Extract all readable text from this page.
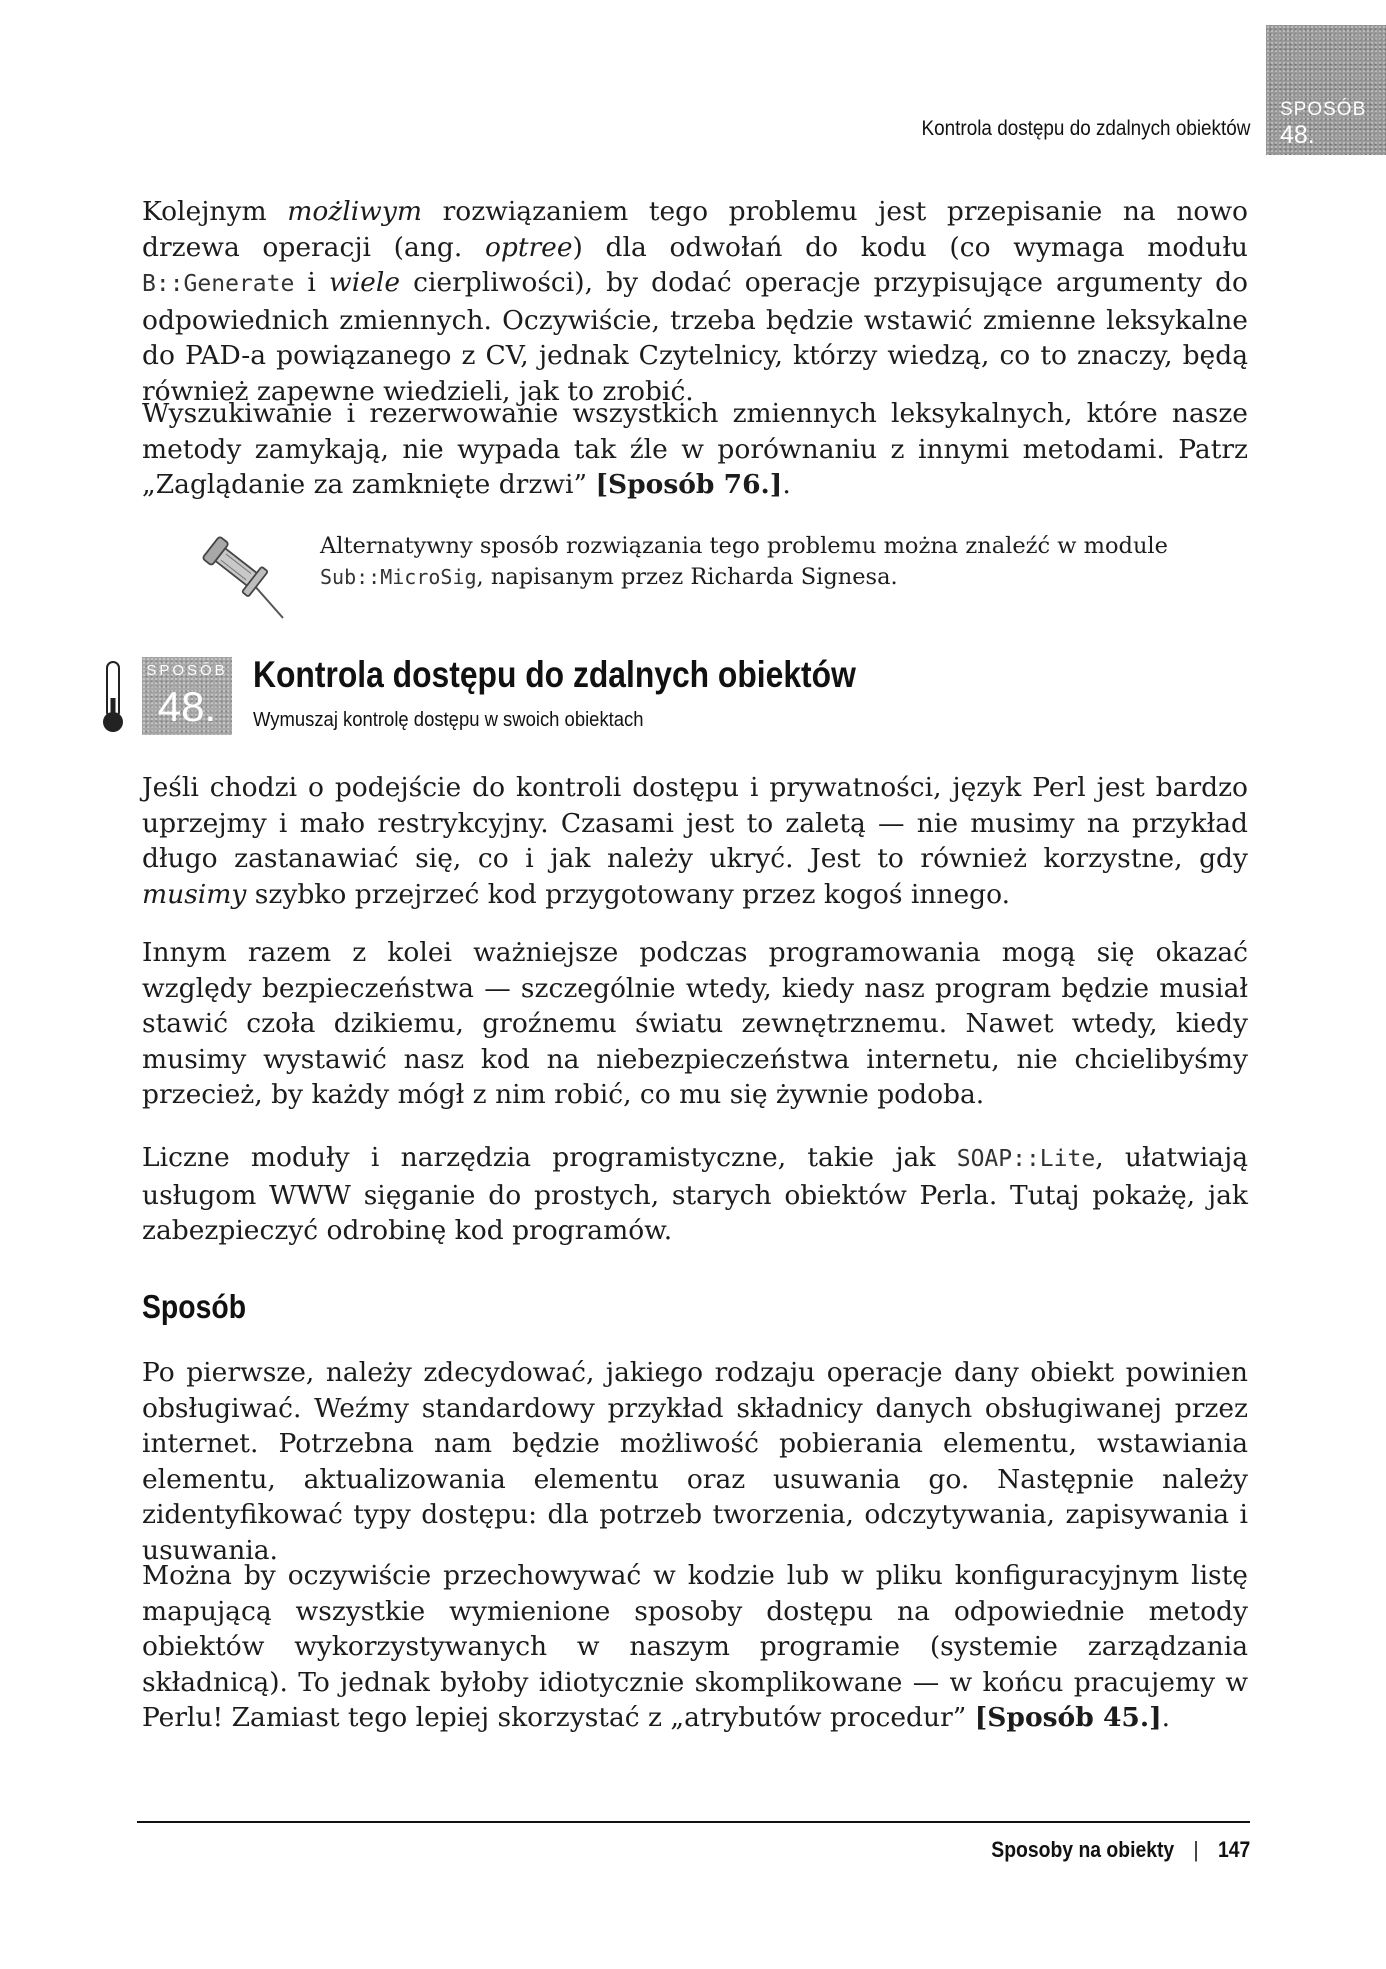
SPOSÓB
48.
Kontrola dostępu do zdalnych obiektów

Kolejnym możliwym rozwiązaniem tego problemu jest przepisanie na nowo drzewa operacji (ang. optree) dla odwołań do kodu (co wymaga modułu B::Generate i wiele cierpliwości), by dodać operacje przypisujące argumenty do odpowiednich zmiennych. Oczywiście, trzeba będzie wstawić zmienne leksykalne do PAD-a powiązanego z CV, jednak Czytelnicy, którzy wiedzą, co to znaczy, będą również zapewne wiedzieli, jak to zrobić.

Wyszukiwanie i rezerwowanie wszystkich zmiennych leksykalnych, które nasze metody zamykają, nie wypada tak źle w porównaniu z innymi metodami. Patrz „Zaglądanie za zamknięte drzwi” [Sposób 76.].

Alternatywny sposób rozwiązania tego problemu można znaleźć w module Sub::MicroSig, napisanym przez Richarda Signesa.

SPOSÓB
48.
Kontrola dostępu do zdalnych obiektów
Wymuszaj kontrolę dostępu w swoich obiektach

Jeśli chodzi o podejście do kontroli dostępu i prywatności, język Perl jest bardzo uprzejmy i mało restrykcyjny. Czasami jest to zaletą — nie musimy na przykład długo zastanawiać się, co i jak należy ukryć. Jest to również korzystne, gdy musimy szybko przejrzeć kod przygotowany przez kogoś innego.

Innym razem z kolei ważniejsze podczas programowania mogą się okazać względy bezpieczeństwa — szczególnie wtedy, kiedy nasz program będzie musiał stawić czoła dzikiemu, groźnemu światu zewnętrznemu. Nawet wtedy, kiedy musimy wystawić nasz kod na niebezpieczeństwa internetu, nie chcielibyśmy przecież, by każdy mógł z nim robić, co mu się żywnie podoba.

Liczne moduły i narzędzia programistyczne, takie jak SOAP::Lite, ułatwiają usługom WWW sięganie do prostych, starych obiektów Perla. Tutaj pokażę, jak zabezpieczyć odrobinę kod programów.

Sposób

Po pierwsze, należy zdecydować, jakiego rodzaju operacje dany obiekt powinien obsługiwać. Weźmy standardowy przykład składnicy danych obsługiwanej przez internet. Potrzebna nam będzie możliwość pobierania elementu, wstawiania elementu, aktualizowania elementu oraz usuwania go. Następnie należy zidentyfikować typy dostępu: dla potrzeb tworzenia, odczytywania, zapisywania i usuwania.

Można by oczywiście przechowywać w kodzie lub w pliku konfiguracyjnym listę mapującą wszystkie wymienione sposoby dostępu na odpowiednie metody obiektów wykorzystywanych w naszym programie (systemie zarządzania składnicą). To jednak byłoby idiotycznie skomplikowane — w końcu pracujemy w Perlu! Zamiast tego lepiej skorzystać z „atrybutów procedur” [Sposób 45.].

Sposoby na obiekty | 147
